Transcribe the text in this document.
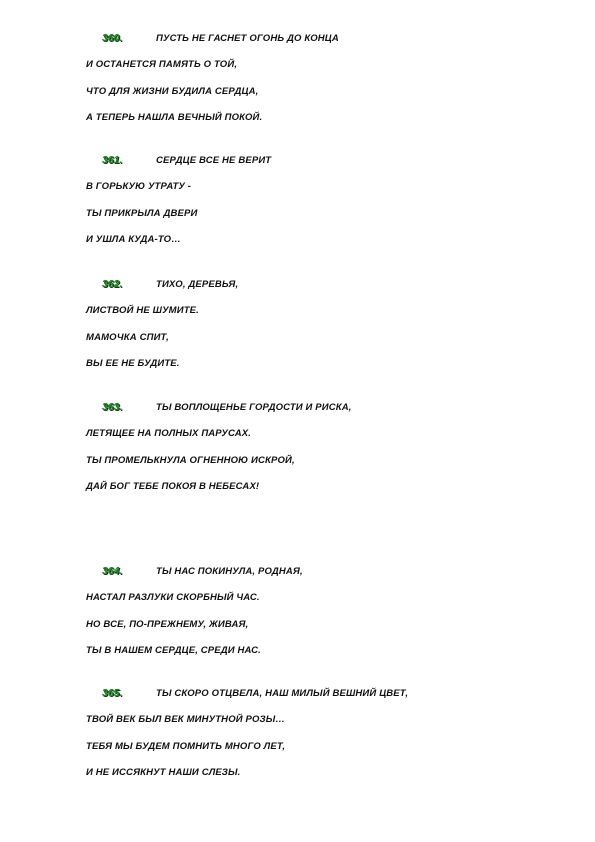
360.	ПУСТЬ НЕ ГАСНЕТ ОГОНЬ ДО КОНЦА
И ОСТАНЕТСЯ ПАМЯТЬ О ТОЙ,
ЧТО ДЛЯ ЖИЗНИ БУДИЛА СЕРДЦА,
А ТЕПЕРЬ НАШЛА ВЕЧНЫЙ ПОКОЙ.
361.	СЕРДЦЕ ВСЕ НЕ ВЕРИТ
В ГОРЬКУЮ УТРАТУ -
ТЫ ПРИКРЫЛА ДВЕРИ
И УШЛА КУДА-ТО…
362.	ТИХО, ДЕРЕВЬЯ,
ЛИСТВОЙ НЕ ШУМИТЕ.
МАМОЧКА СПИТ,
ВЫ ЕЕ НЕ БУДИТЕ.
363.	ТЫ ВОПЛОЩЕНЬЕ ГОРДОСТИ И РИСКА,
ЛЕТЯЩЕЕ НА ПОЛНЫХ ПАРУСАХ.
ТЫ ПРОМЕЛЬКНУЛА ОГНЕННОЮ ИСКРОЙ,
ДАЙ БОГ ТЕБЕ ПОКОЯ В НЕБЕСАХ!
364.	ТЫ НАС ПОКИНУЛА, РОДНАЯ,
НАСТАЛ РАЗЛУКИ СКОРБНЫЙ ЧАС.
НО ВСЕ, ПО-ПРЕЖНЕМУ, ЖИВАЯ,
ТЫ В НАШЕМ СЕРДЦЕ, СРЕДИ НАС.
365.	ТЫ СКОРО ОТЦВЕЛА, НАШ МИЛЫЙ ВЕШНИЙ ЦВЕТ,
ТВОЙ ВЕК БЫЛ ВЕК МИНУТНОЙ РОЗЫ…
ТЕБЯ МЫ БУДЕМ ПОМНИТЬ МНОГО ЛЕТ,
И НЕ ИССЯКНУТ НАШИ СЛЕЗЫ.
